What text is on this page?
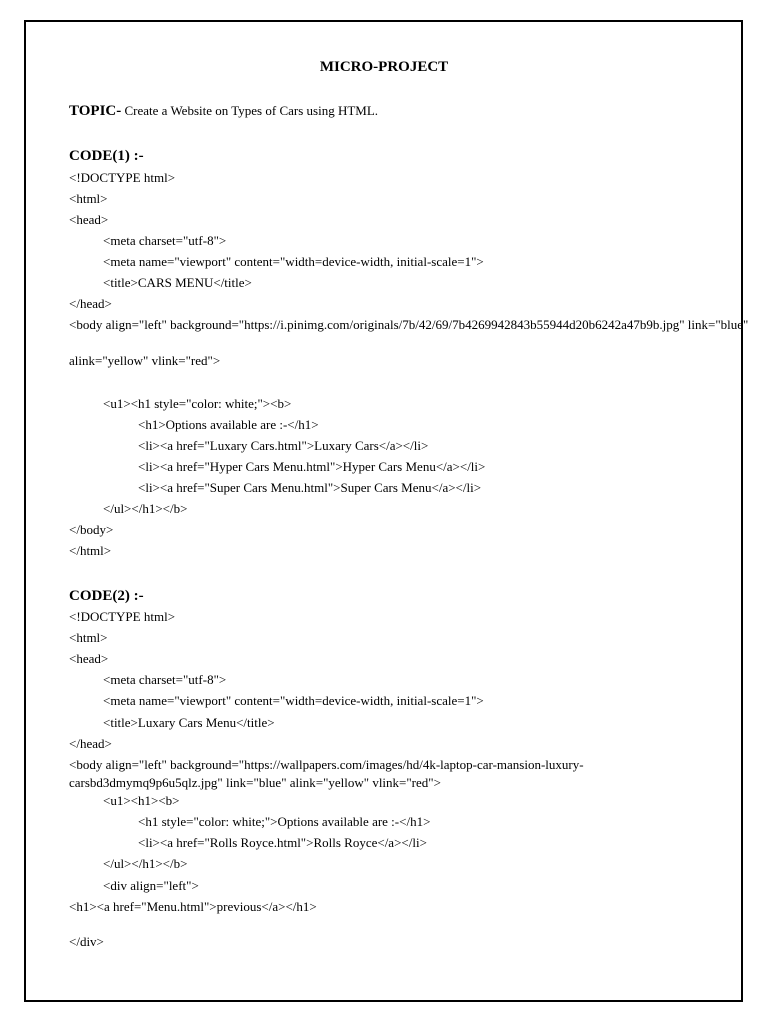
MICRO-PROJECT
TOPIC- Create a Website on Types of Cars using HTML.
CODE(1) :-
<!DOCTYPE html>
<html>
<head>
<meta charset="utf-8">
<meta name="viewport" content="width=device-width, initial-scale=1">
<title>CARS MENU</title>
</head>
<body align="left" background="https://i.pinimg.com/originals/7b/42/69/7b4269942843b55944d20b6242a47b9b.jpg" link="blue"
alink="yellow" vlink="red">
<u1><h1 style="color: white;"><b>
<h1>Options available are :-</h1>
<li><a href="Luxary Cars.html">Luxary Cars</a></li>
<li><a href="Hyper Cars Menu.html">Hyper Cars Menu</a></li>
<li><a href="Super Cars Menu.html">Super Cars Menu</a></li>
</ul></h1></b>
</body>
</html>
CODE(2) :-
<!DOCTYPE html>
<html>
<head>
<meta charset="utf-8">
<meta name="viewport" content="width=device-width, initial-scale=1">
<title>Luxary Cars Menu</title>
</head>
<body align="left" background="https://wallpapers.com/images/hd/4k-laptop-car-mansion-luxury-carsbd3dmymq9p6u5qlz.jpg" link="blue" alink="yellow" vlink="red">
<u1><h1><b>
<h1 style="color: white;">Options available are :-</h1>
<li><a href="Rolls Royce.html">Rolls Royce</a></li>
</ul></h1></b>
<div align="left">
<h1><a href="Menu.html">previous</a></h1>
</div>
